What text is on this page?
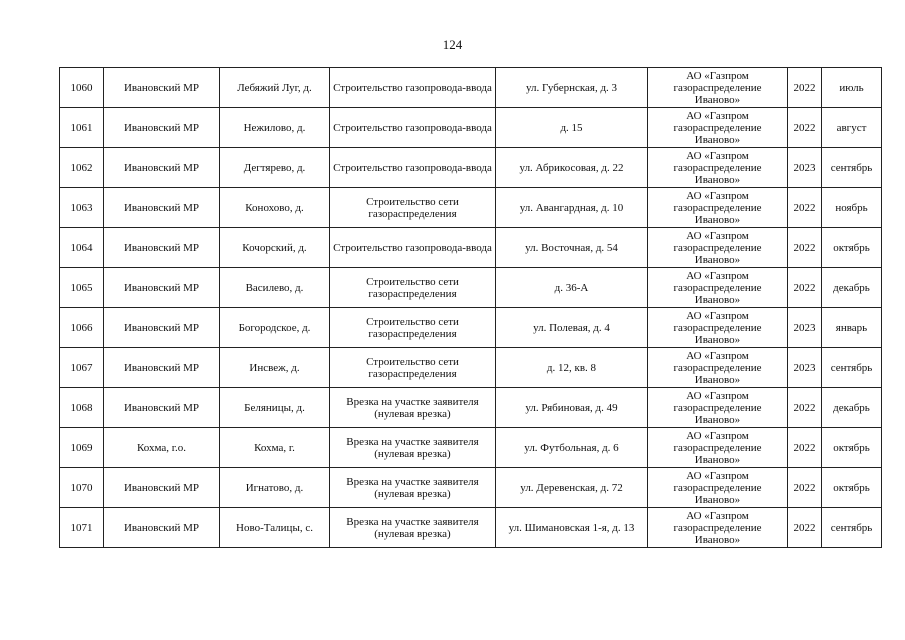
124
1060	Ивановский МР	Лебяжий Луг, д.	Строительство газопровода-ввода	ул. Губернская, д. 3	АО «Газпром газораспределение Иваново»	2022	июль
1061	Ивановский МР	Нежилово, д.	Строительство газопровода-ввода	д. 15	АО «Газпром газораспределение Иваново»	2022	август
1062	Ивановский МР	Дегтярево, д.	Строительство газопровода-ввода	ул. Абрикосовая, д. 22	АО «Газпром газораспределение Иваново»	2023	сентябрь
1063	Ивановский МР	Конохово, д.	Строительство сети газораспределения	ул. Авангардная, д. 10	АО «Газпром газораспределение Иваново»	2022	ноябрь
1064	Ивановский МР	Кочорский, д.	Строительство газопровода-ввода	ул. Восточная, д. 54	АО «Газпром газораспределение Иваново»	2022	октябрь
1065	Ивановский МР	Василево, д.	Строительство сети газораспределения	д. 36-А	АО «Газпром газораспределение Иваново»	2022	декабрь
1066	Ивановский МР	Богородское, д.	Строительство сети газораспределения	ул. Полевая, д. 4	АО «Газпром газораспределение Иваново»	2023	январь
1067	Ивановский МР	Инсвеж, д.	Строительство сети газораспределения	д. 12, кв. 8	АО «Газпром газораспределение Иваново»	2023	сентябрь
1068	Ивановский МР	Беляницы, д.	Врезка на участке заявителя (нулевая врезка)	ул. Рябиновая, д. 49	АО «Газпром газораспределение Иваново»	2022	декабрь
1069	Кохма, г.о.	Кохма, г.	Врезка на участке заявителя (нулевая врезка)	ул. Футбольная, д. 6	АО «Газпром газораспределение Иваново»	2022	октябрь
1070	Ивановский МР	Игнатово, д.	Врезка на участке заявителя (нулевая врезка)	ул. Деревенская, д. 72	АО «Газпром газораспределение Иваново»	2022	октябрь
1071	Ивановский МР	Ново-Талицы, с.	Врезка на участке заявителя (нулевая врезка)	ул. Шимановская 1-я, д. 13	АО «Газпром газораспределение Иваново»	2022	сентябрь
